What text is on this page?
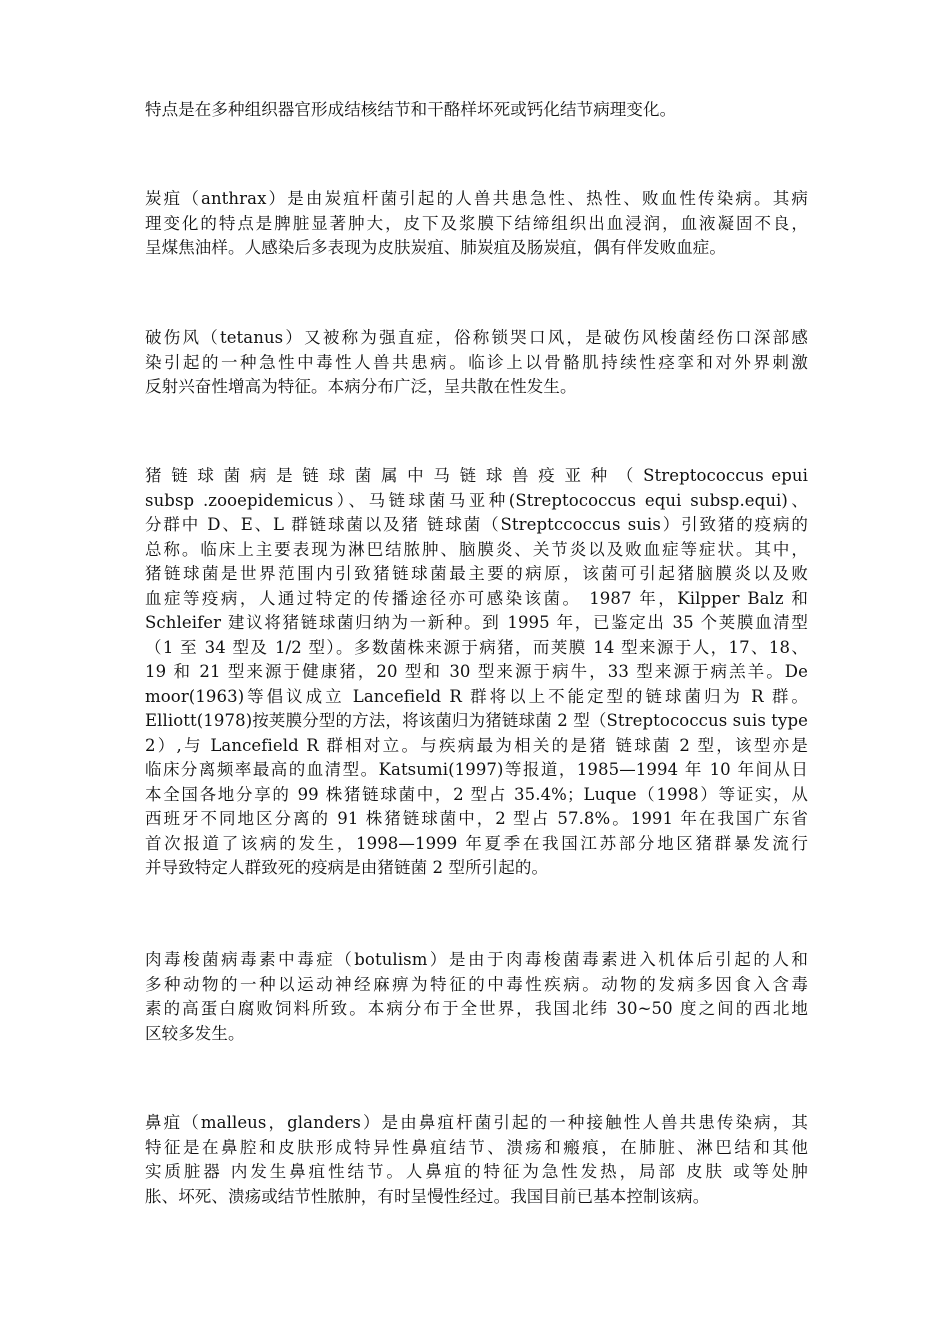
特点是在多种组织器官形成结核结节和干酪样坏死或钙化结节病理变化。
炭疽（anthrax）是由炭疽杆菌引起的人兽共患急性、热性、败血性传染病。其病
理变化的特点是脾脏显著肿大，皮下及浆膜下结缔组织出血浸润，血液凝固不良，
呈煤焦油样。人感染后多表现为皮肤炭疽、肺炭疽及肠炭疽，偶有伴发败血症。
破伤风（tetanus）又被称为强直症，俗称锁哭口风，是破伤风梭菌经伤口深部感
染引起的一种急性中毒性人兽共患病。临诊上以骨骼肌持续性痉挛和对外界刺激
反射兴奋性增高为特征。本病分布广泛，呈共散在性发生。
猪 链 球 菌 病 是 链 球 菌 属 中 马 链 球 兽 疫 亚 种 （ Streptococcus epui
subsp .zooepidemicus）、马链球菌马亚种(Streptococcus equi subsp.equi)、
分群中 D、E、L 群链球菌以及猪 链球菌（Streptccoccus suis）引致猪的疫病的
总称。临床上主要表现为淋巴结脓肿、脑膜炎、关节炎以及败血症等症状。其中，
猪链球菌是世界范围内引致猪链球菌最主要的病原，该菌可引起猪脑膜炎以及败
血症等疫病，人通过特定的传播途径亦可感染该菌。 1987 年，Kilpper Balz 和
Schleifer 建议将猪链球菌归纳为一新种。到 1995 年，已鉴定出 35 个荚膜血清型
（1 至 34 型及 1/2 型）。多数菌株来源于病猪，而荚膜 14 型来源于人，17、18、
19 和 21 型来源于健康猪，20 型和 30 型来源于病牛，33 型来源于病羔羊。De
moor(1963)等倡议成立 Lancefield R 群将以上不能定型的链球菌归为 R 群。
Elliott(1978)按荚膜分型的方法，将该菌归为猪链球菌 2 型（Streptococcus suis type
2）,与 Lancefield R 群相对立。与疾病最为相关的是猪 链球菌 2 型，该型亦是
临床分离频率最高的血清型。Katsumi(1997)等报道，1985—1994 年 10 年间从日
本全国各地分享的 99 株猪链球菌中，2 型占 35.4%；Luque（1998）等证实，从
西班牙不同地区分离的 91 株猪链球菌中，2 型占 57.8%。1991 年在我国广东省
首次报道了该病的发生，1998—1999 年夏季在我国江苏部分地区猪群暴发流行
并导致特定人群致死的疫病是由猪链菌 2 型所引起的。
肉毒梭菌病毒素中毒症（botulism）是由于肉毒梭菌毒素进入机体后引起的人和
多种动物的一种以运动神经麻痹为特征的中毒性疾病。动物的发病多因食入含毒
素的高蛋白腐败饲料所致。本病分布于全世界，我国北纬 30~50 度之间的西北地
区较多发生。
鼻疽（malleus，glanders）是由鼻疽杆菌引起的一种接触性人兽共患传染病，其
特征是在鼻腔和皮肤形成特异性鼻疽结节、溃疡和瘢痕，在肺脏、淋巴结和其他
实质脏器 内发生鼻疽性结节。人鼻疽的特征为急性发热，局部 皮肤 或等处肿
胀、坏死、溃疡或结节性脓肿，有时呈慢性经过。我国目前已基本控制该病。
